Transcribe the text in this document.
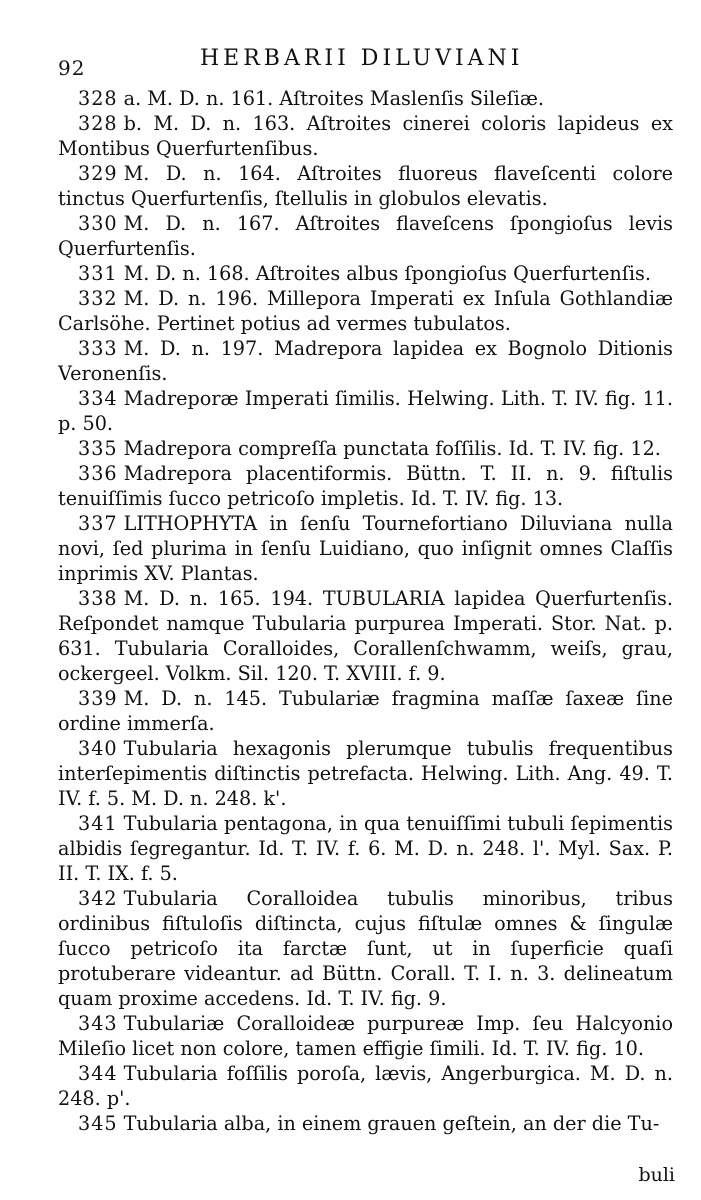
92	HERBARII DILUVIANI

328 a. M. D. n. 161. Aſtroites Maslenſis Sileſiæ.

328 b. M. D. n. 163. Aſtroites cinerei coloris lapideus ex Montibus Querfurtenſibus.

329 M. D. n. 164. Aſtroites fluoreus flaveſcenti colore tinctus Querfurtenſis, ſtellulis in globulos elevatis.

330 M. D. n. 167. Aſtroites flaveſcens ſpongioſus levis Querfurtenſis.

331 M. D. n. 168. Aſtroites albus ſpongioſus Querfurtenſis.

332 M. D. n. 196. Millepora Imperati ex Inſula Gothlandiæ Carlsöhe. Pertinet potius ad vermes tubulatos.

333 M. D. n. 197. Madrepora lapidea ex Bognolo Ditionis Veronenſis.

334 Madreporæ Imperati ſimilis. Helwing. Lith. T. IV. fig. 11. p. 50.

335 Madrepora compreſſa punctata foſſilis. Id. T. IV. fig. 12.

336 Madrepora placentiformis. Büttn. T. II. n. 9. fiſtulis tenuiſſimis ſucco petricoſo impletis. Id. T. IV. fig. 13.

337 LITHOPHYTA in ſenſu Tournefortiano Diluviana nulla novi, ſed plurima in ſenſu Luidiano, quo inſignit omnes Claſſis inprimis XV. Plantas.

338 M. D. n. 165. 194. TUBULARIA lapidea Querfurtenſis. Reſpondet namque Tubularia purpurea Imperati. Stor. Nat. p. 631. Tubularia Coralloides, Corallenſchwamm, weiſs, grau, ockergeel. Volkm. Sil. 120. T. XVIII. f. 9.

339 M. D. n. 145. Tubulariæ fragmina maſſæ ſaxeæ ſine ordine immerſa.

340 Tubularia hexagonis plerumque tubulis frequentibus interſepimentis diſtinctis petrefacta. Helwing. Lith. Ang. 49. T. IV. f. 5. M. D. n. 248. k'.

341 Tubularia pentagona, in qua tenuiſſimi tubuli ſepimentis albidis ſegregantur. Id. T. IV. f. 6. M. D. n. 248. l'. Myl. Sax. P. II. T. IX. f. 5.

342 Tubularia Coralloidea tubulis minoribus, tribus ordinibus fiſtuloſis diſtincta, cujus fiſtulæ omnes & ſingulæ ſucco petricoſo ita farctæ ſunt, ut in ſuperficie quaſi protuberare videantur. ad Büttn. Corall. T. I. n. 3. delineatum quam proxime accedens. Id. T. IV. fig. 9.

343 Tubulariæ Coralloideæ purpureæ Imp. ſeu Halcyonio Mileſio licet non colore, tamen effigie ſimili. Id. T. IV. fig. 10.

344 Tubularia foſſilis poroſa, lævis, Angerburgica. M. D. n. 248. p'.

345 Tubularia alba, in einem grauen geſtein, an der die Tu-

buli
